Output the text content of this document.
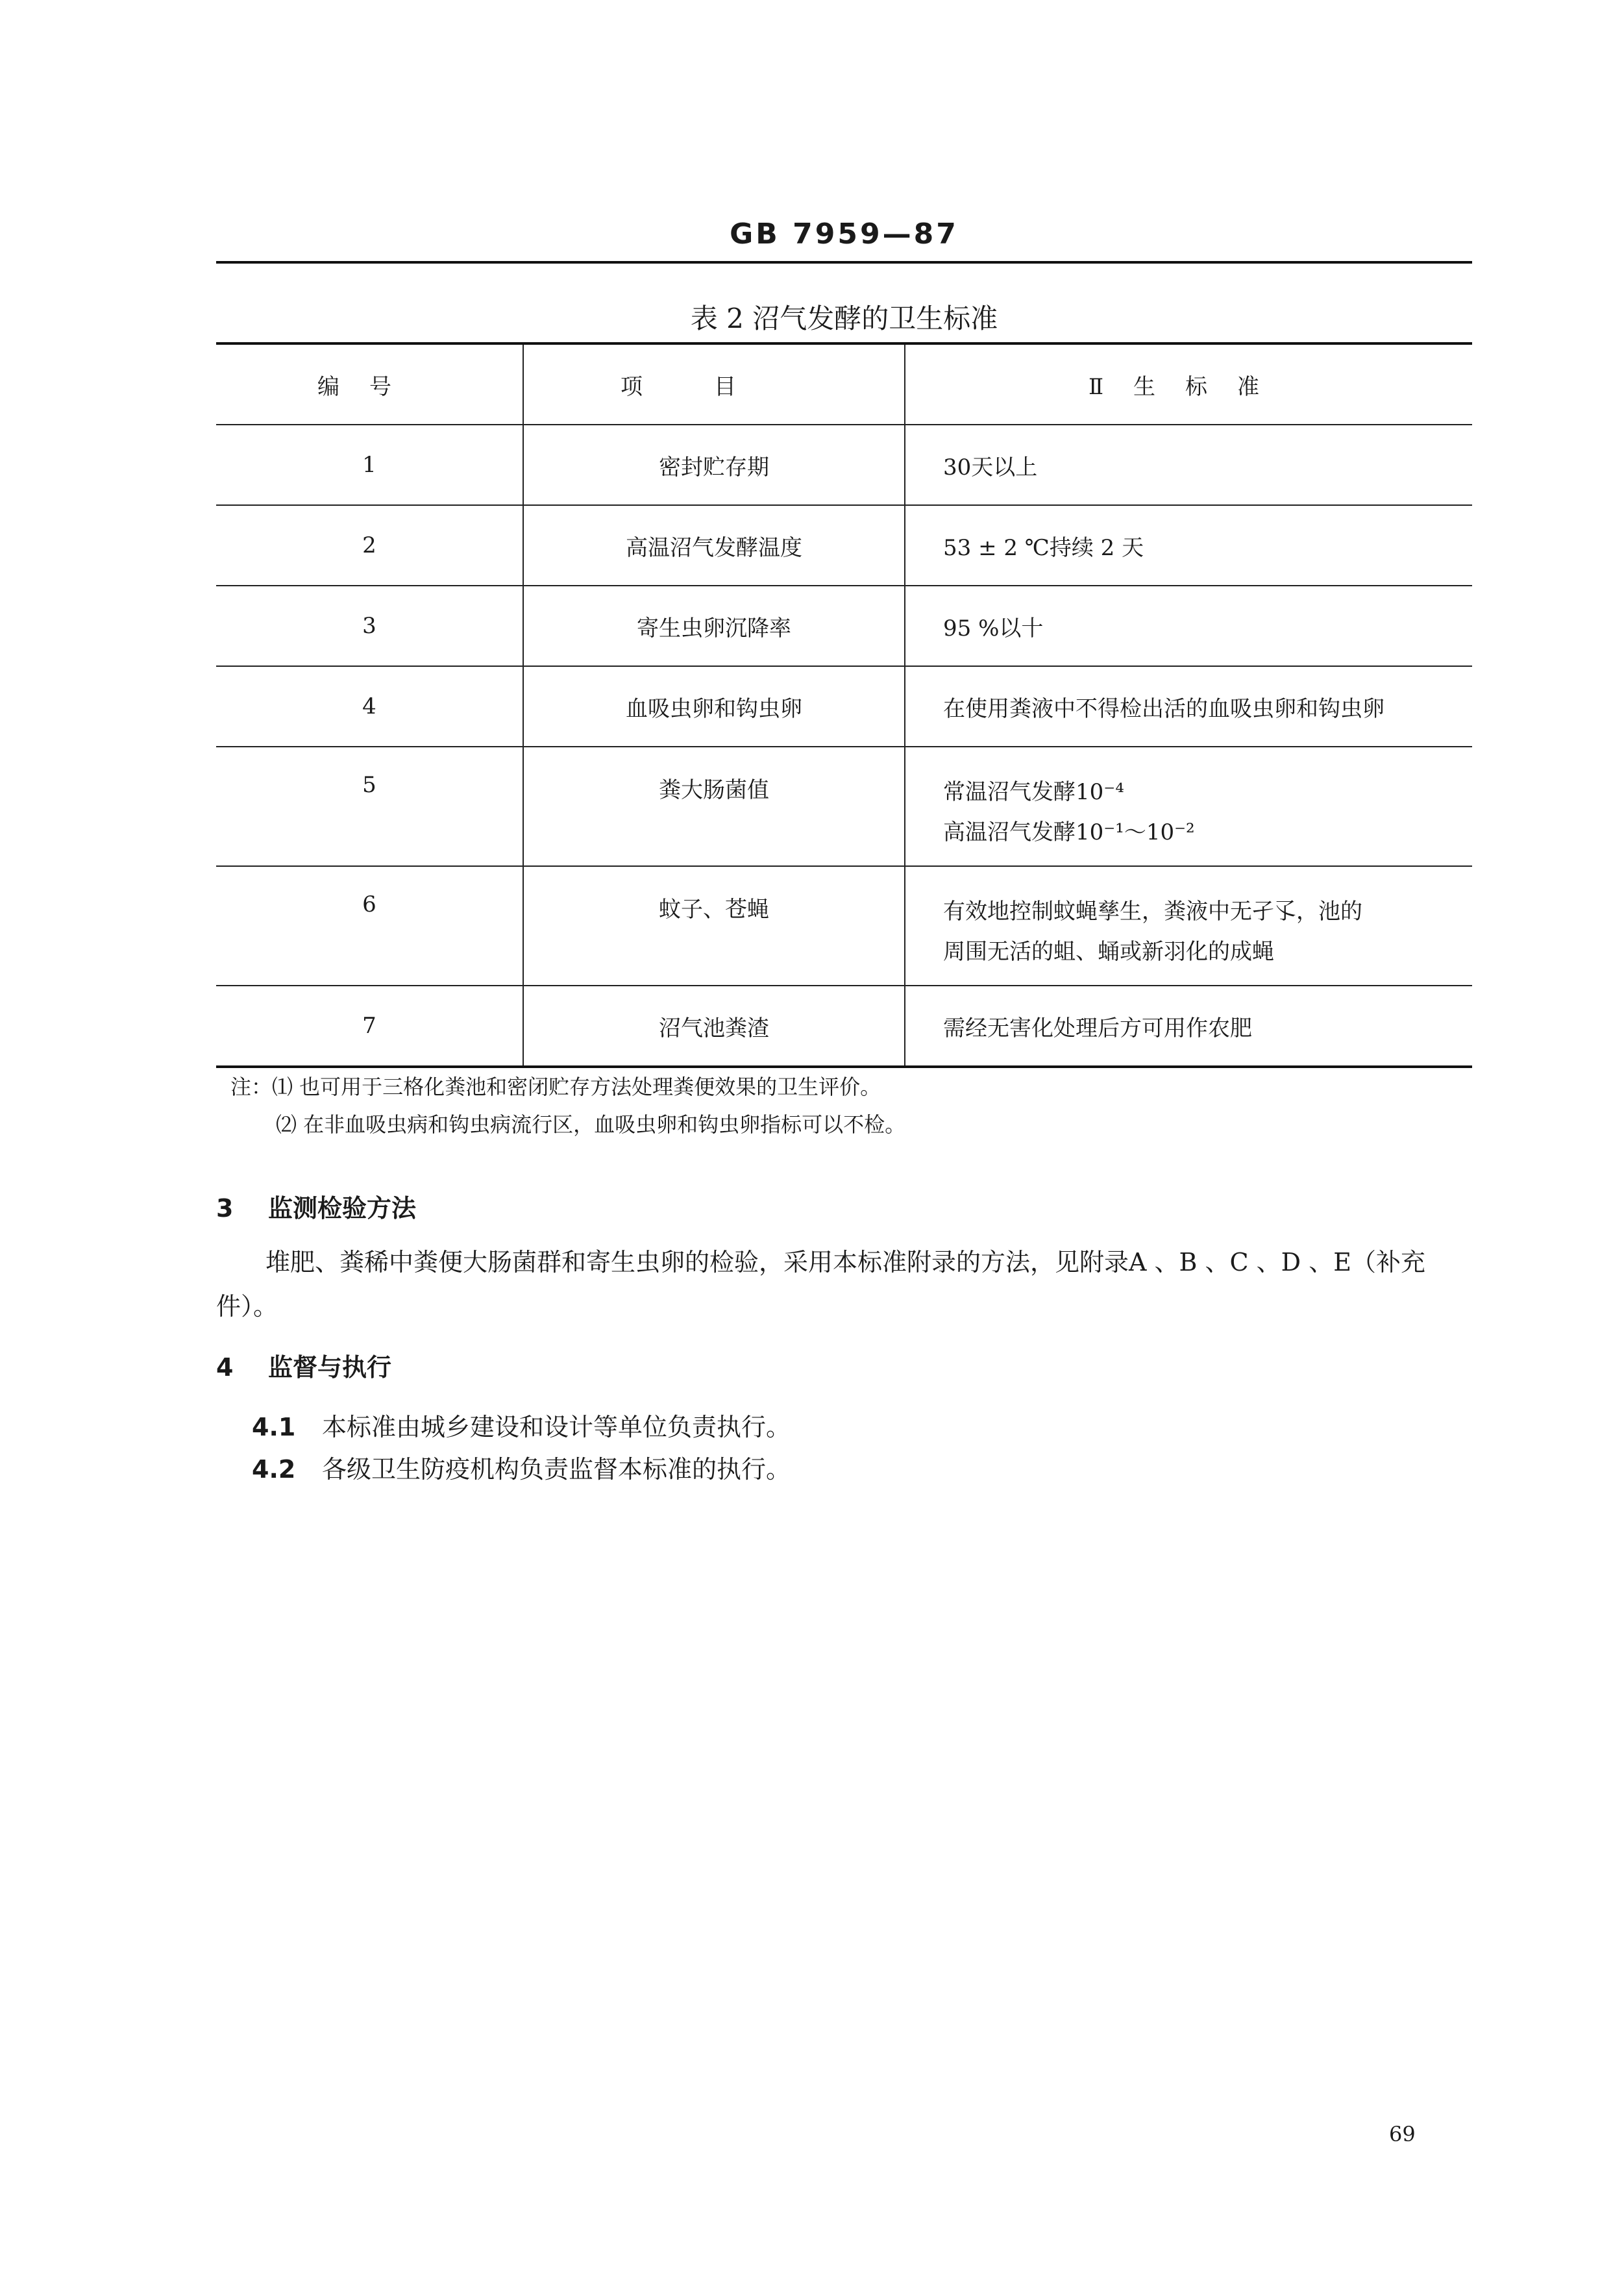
GB 7959—87
表 2 沼气发酵的卫生标准
编号	项目	Ⅱ生标准
1	密封贮存期	30天以上
2	高温沼气发酵温度	53 ± 2 ℃持续 2 天
3	寄生虫卵沉降率	95 %以十
4	血吸虫卵和钩虫卵	在使用粪液中不得检出活的血吸虫卵和钩虫卵

5	粪大肠菌值	常温沼气发酵10⁻⁴
高温沼气发酵10⁻¹～10⁻²

6	蚊子、苍蝇	有效地控制蚊蝇孳生，粪液中无孑孓，池的
周围无活的蛆、蛹或新羽化的成蝇

7	沼气池粪渣	需经无害化处理后方可用作农肥
注：⑴ 也可用于三格化粪池和密闭贮存方法处理粪便效果的卫生评价。
⑵ 在非血吸虫病和钩虫病流行区，血吸虫卵和钩虫卵指标可以不检。
3 监测检验方法
堆肥、粪稀中粪便大肠菌群和寄生虫卵的检验，采用本标准附录的方法，见附录A 、B 、C 、D 、E（补充件）。
4 监督与执行
4.1 本标准由城乡建设和设计等单位负责执行。
4.2 各级卫生防疫机构负责监督本标准的执行。
69
